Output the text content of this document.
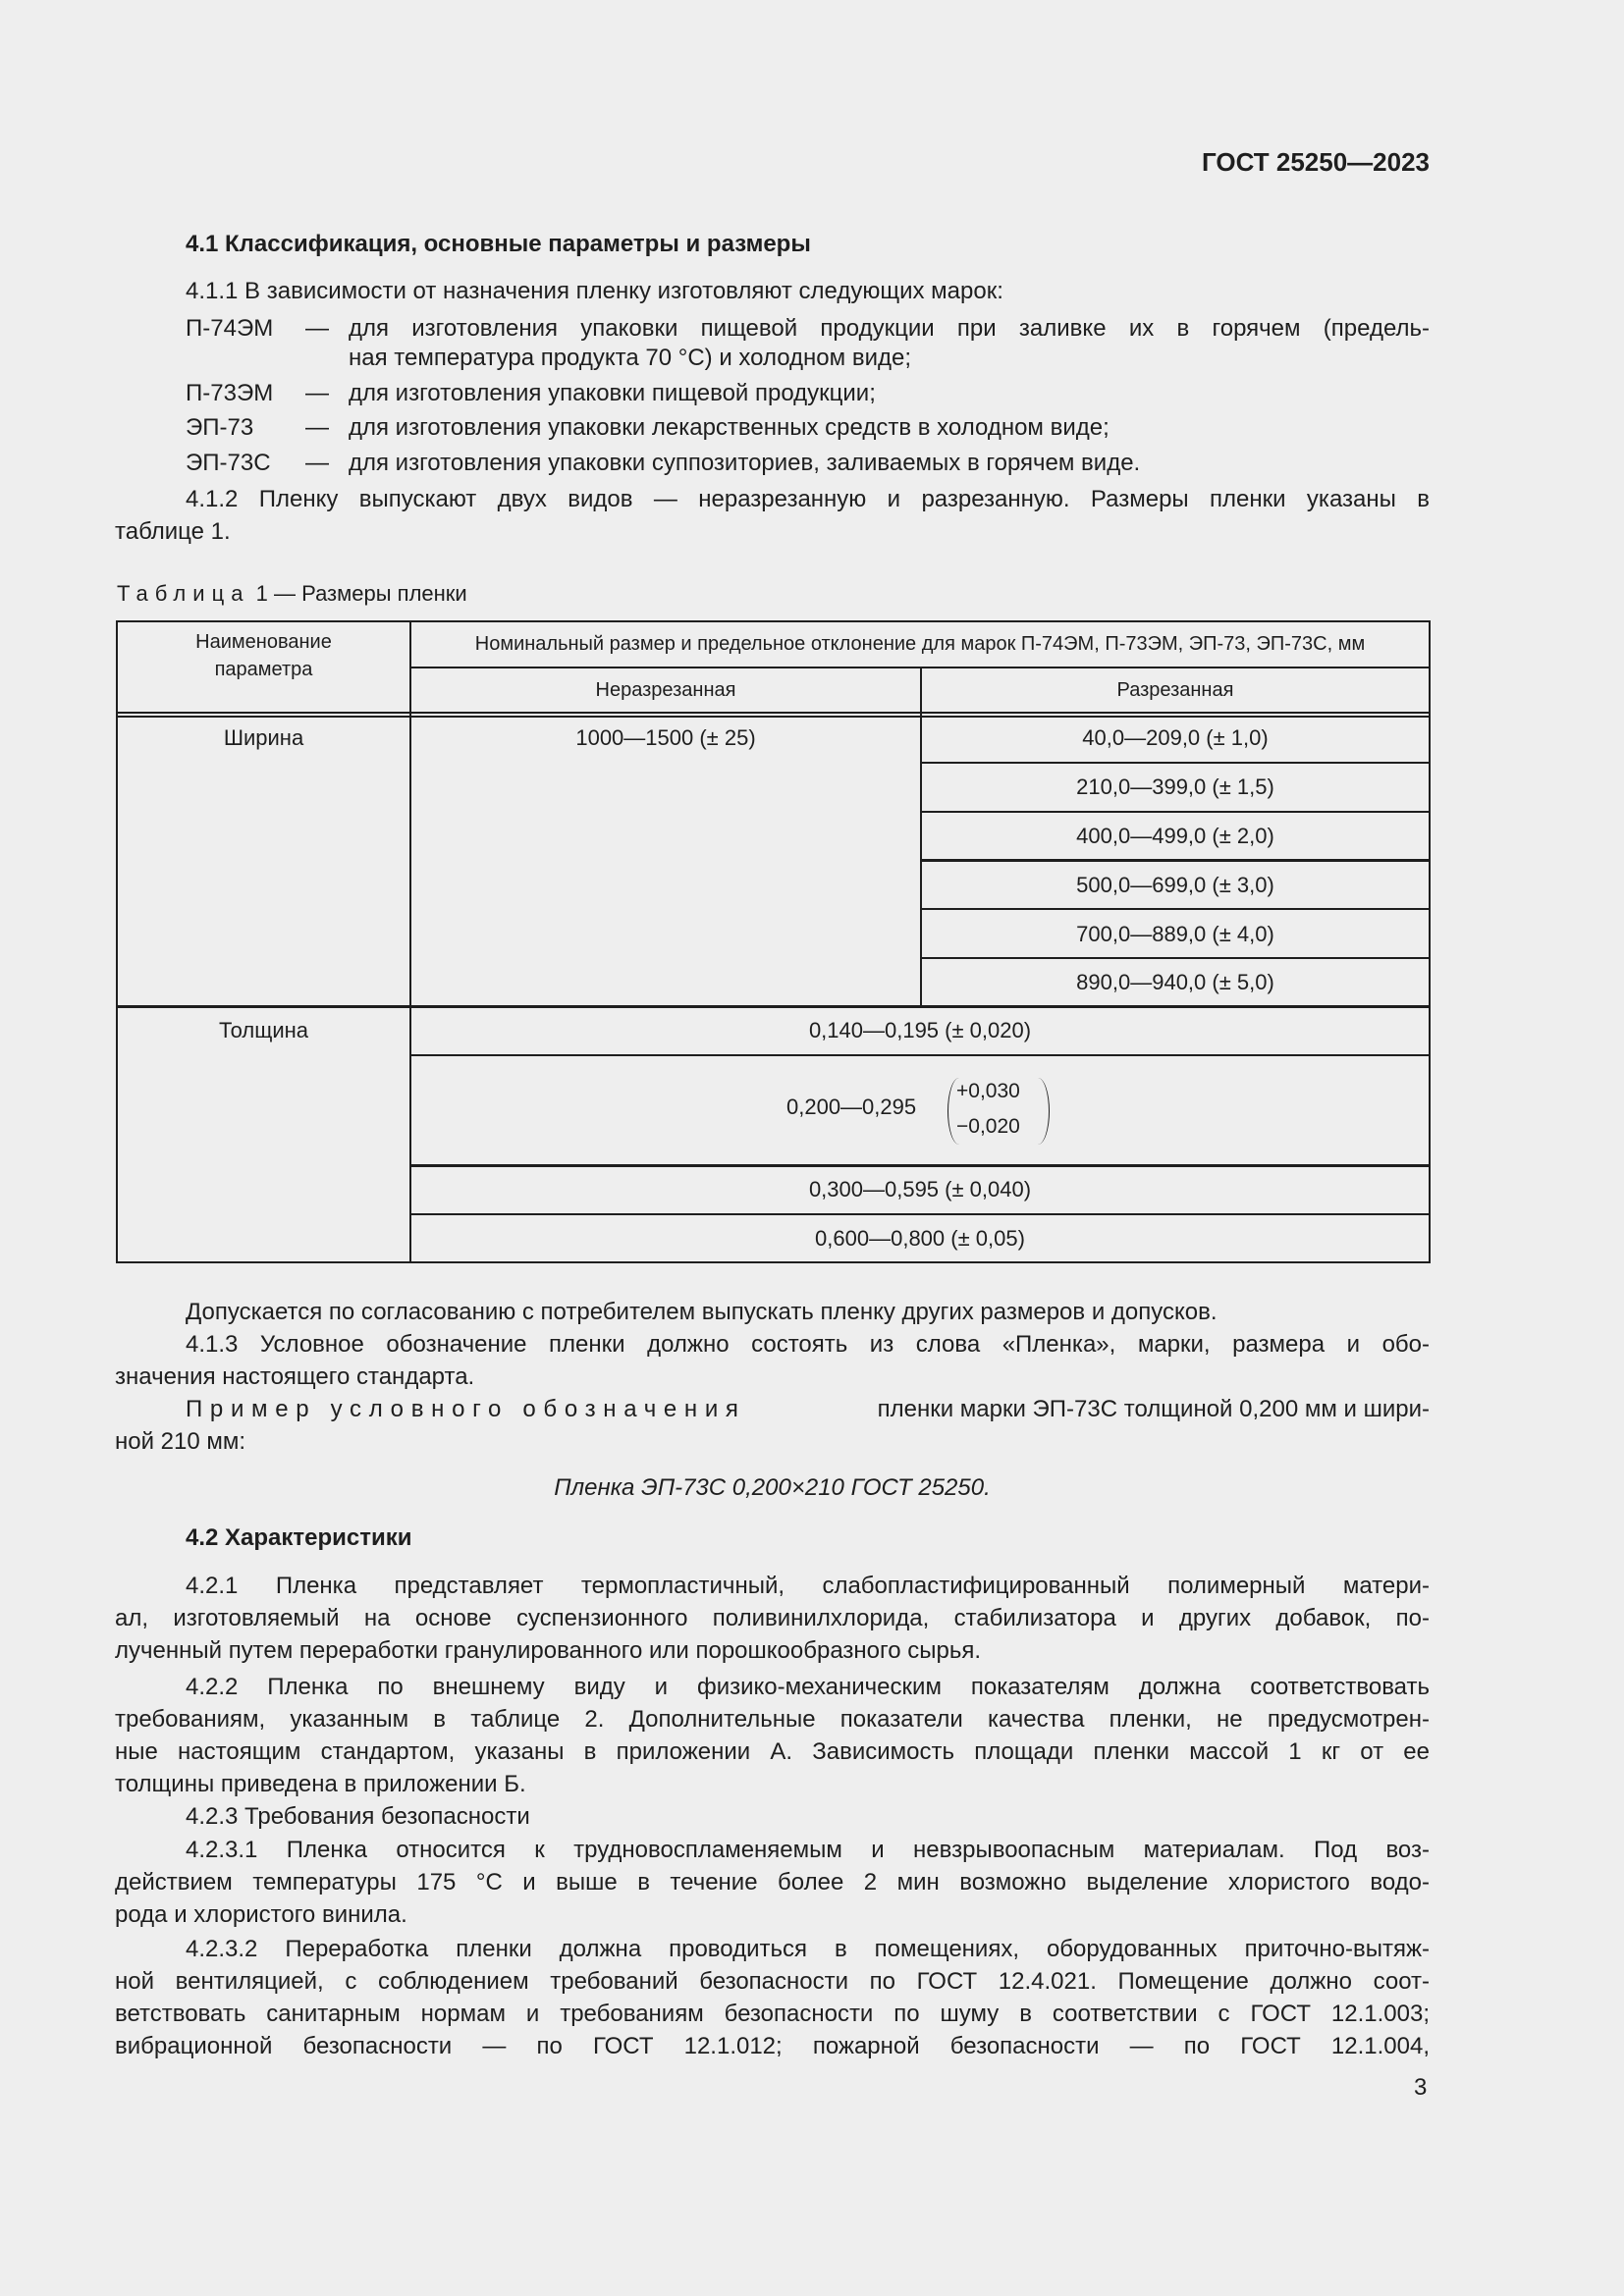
ГОСТ 25250—2023
4.1 Классификация, основные параметры и размеры
4.1.1 В зависимости от назначения пленку изготовляют следующих марок:
П-74ЭМ — для изготовления упаковки пищевой продукции при заливке их в горячем (предель-
ная температура продукта 70 °С) и холодном виде;
П-73ЭМ — для изготовления упаковки пищевой продукции;
ЭП-73 — для изготовления упаковки лекарственных средств в холодном виде;
ЭП-73С — для изготовления упаковки суппозиториев, заливаемых в горячем виде.
4.1.2 Пленку выпускают двух видов — неразрезанную и разрезанную. Размеры пленки указаны в
таблице 1.
Таблица 1 — Размеры пленки
Наименование параметра
Номинальный размер и предельное отклонение для марок П-74ЭМ, П-73ЭМ, ЭП-73, ЭП-73С, мм
Неразрезанная	Разрезанная
Ширина	1000—1500 (± 25)	40,0—209,0 (± 1,0)
210,0—399,0 (± 1,5)
400,0—499,0 (± 2,0)
500,0—699,0 (± 3,0)
700,0—889,0 (± 4,0)
890,0—940,0 (± 5,0)
Толщина	0,140—0,195 (± 0,020)
0,200—0,295
+0,030
−0,020
0,300—0,595 (± 0,040)
0,600—0,800 (± 0,05)
Допускается по согласованию с потребителем выпускать пленку других размеров и допусков.
4.1.3 Условное обозначение пленки должно состоять из слова «Пленка», марки, размера и обо-
значения настоящего стандарта.
Пример условного обозначения	пленки марки ЭП-73С толщиной 0,200 мм и шири-
ной 210 мм:
Пленка ЭП-73С 0,200×210 ГОСТ 25250.
4.2 Характеристики
4.2.1 Пленка представляет термопластичный, слабопластифицированный полимерный матери-
ал, изготовляемый на основе суспензионного поливинилхлорида, стабилизатора и других добавок, по-
лученный путем переработки гранулированного или порошкообразного сырья.
4.2.2 Пленка по внешнему виду и физико-механическим показателям должна соответствовать
требованиям, указанным в таблице 2. Дополнительные показатели качества пленки, не предусмотрен-
ные настоящим стандартом, указаны в приложении А. Зависимость площади пленки массой 1 кг от ее
толщины приведена в приложении Б.
4.2.3 Требования безопасности
4.2.3.1 Пленка относится к трудновоспламеняемым и невзрывоопасным материалам. Под воз-
действием температуры 175 °С и выше в течение более 2 мин возможно выделение хлористого водо-
рода и хлористого винила.
4.2.3.2 Переработка пленки должна проводиться в помещениях, оборудованных приточно-вытяж-
ной вентиляцией, с соблюдением требований безопасности по ГОСТ 12.4.021. Помещение должно соот-
ветствовать санитарным нормам и требованиям безопасности по шуму в соответствии с ГОСТ 12.1.003;
вибрационной безопасности — по ГОСТ 12.1.012; пожарной безопасности — по ГОСТ 12.1.004,
3
